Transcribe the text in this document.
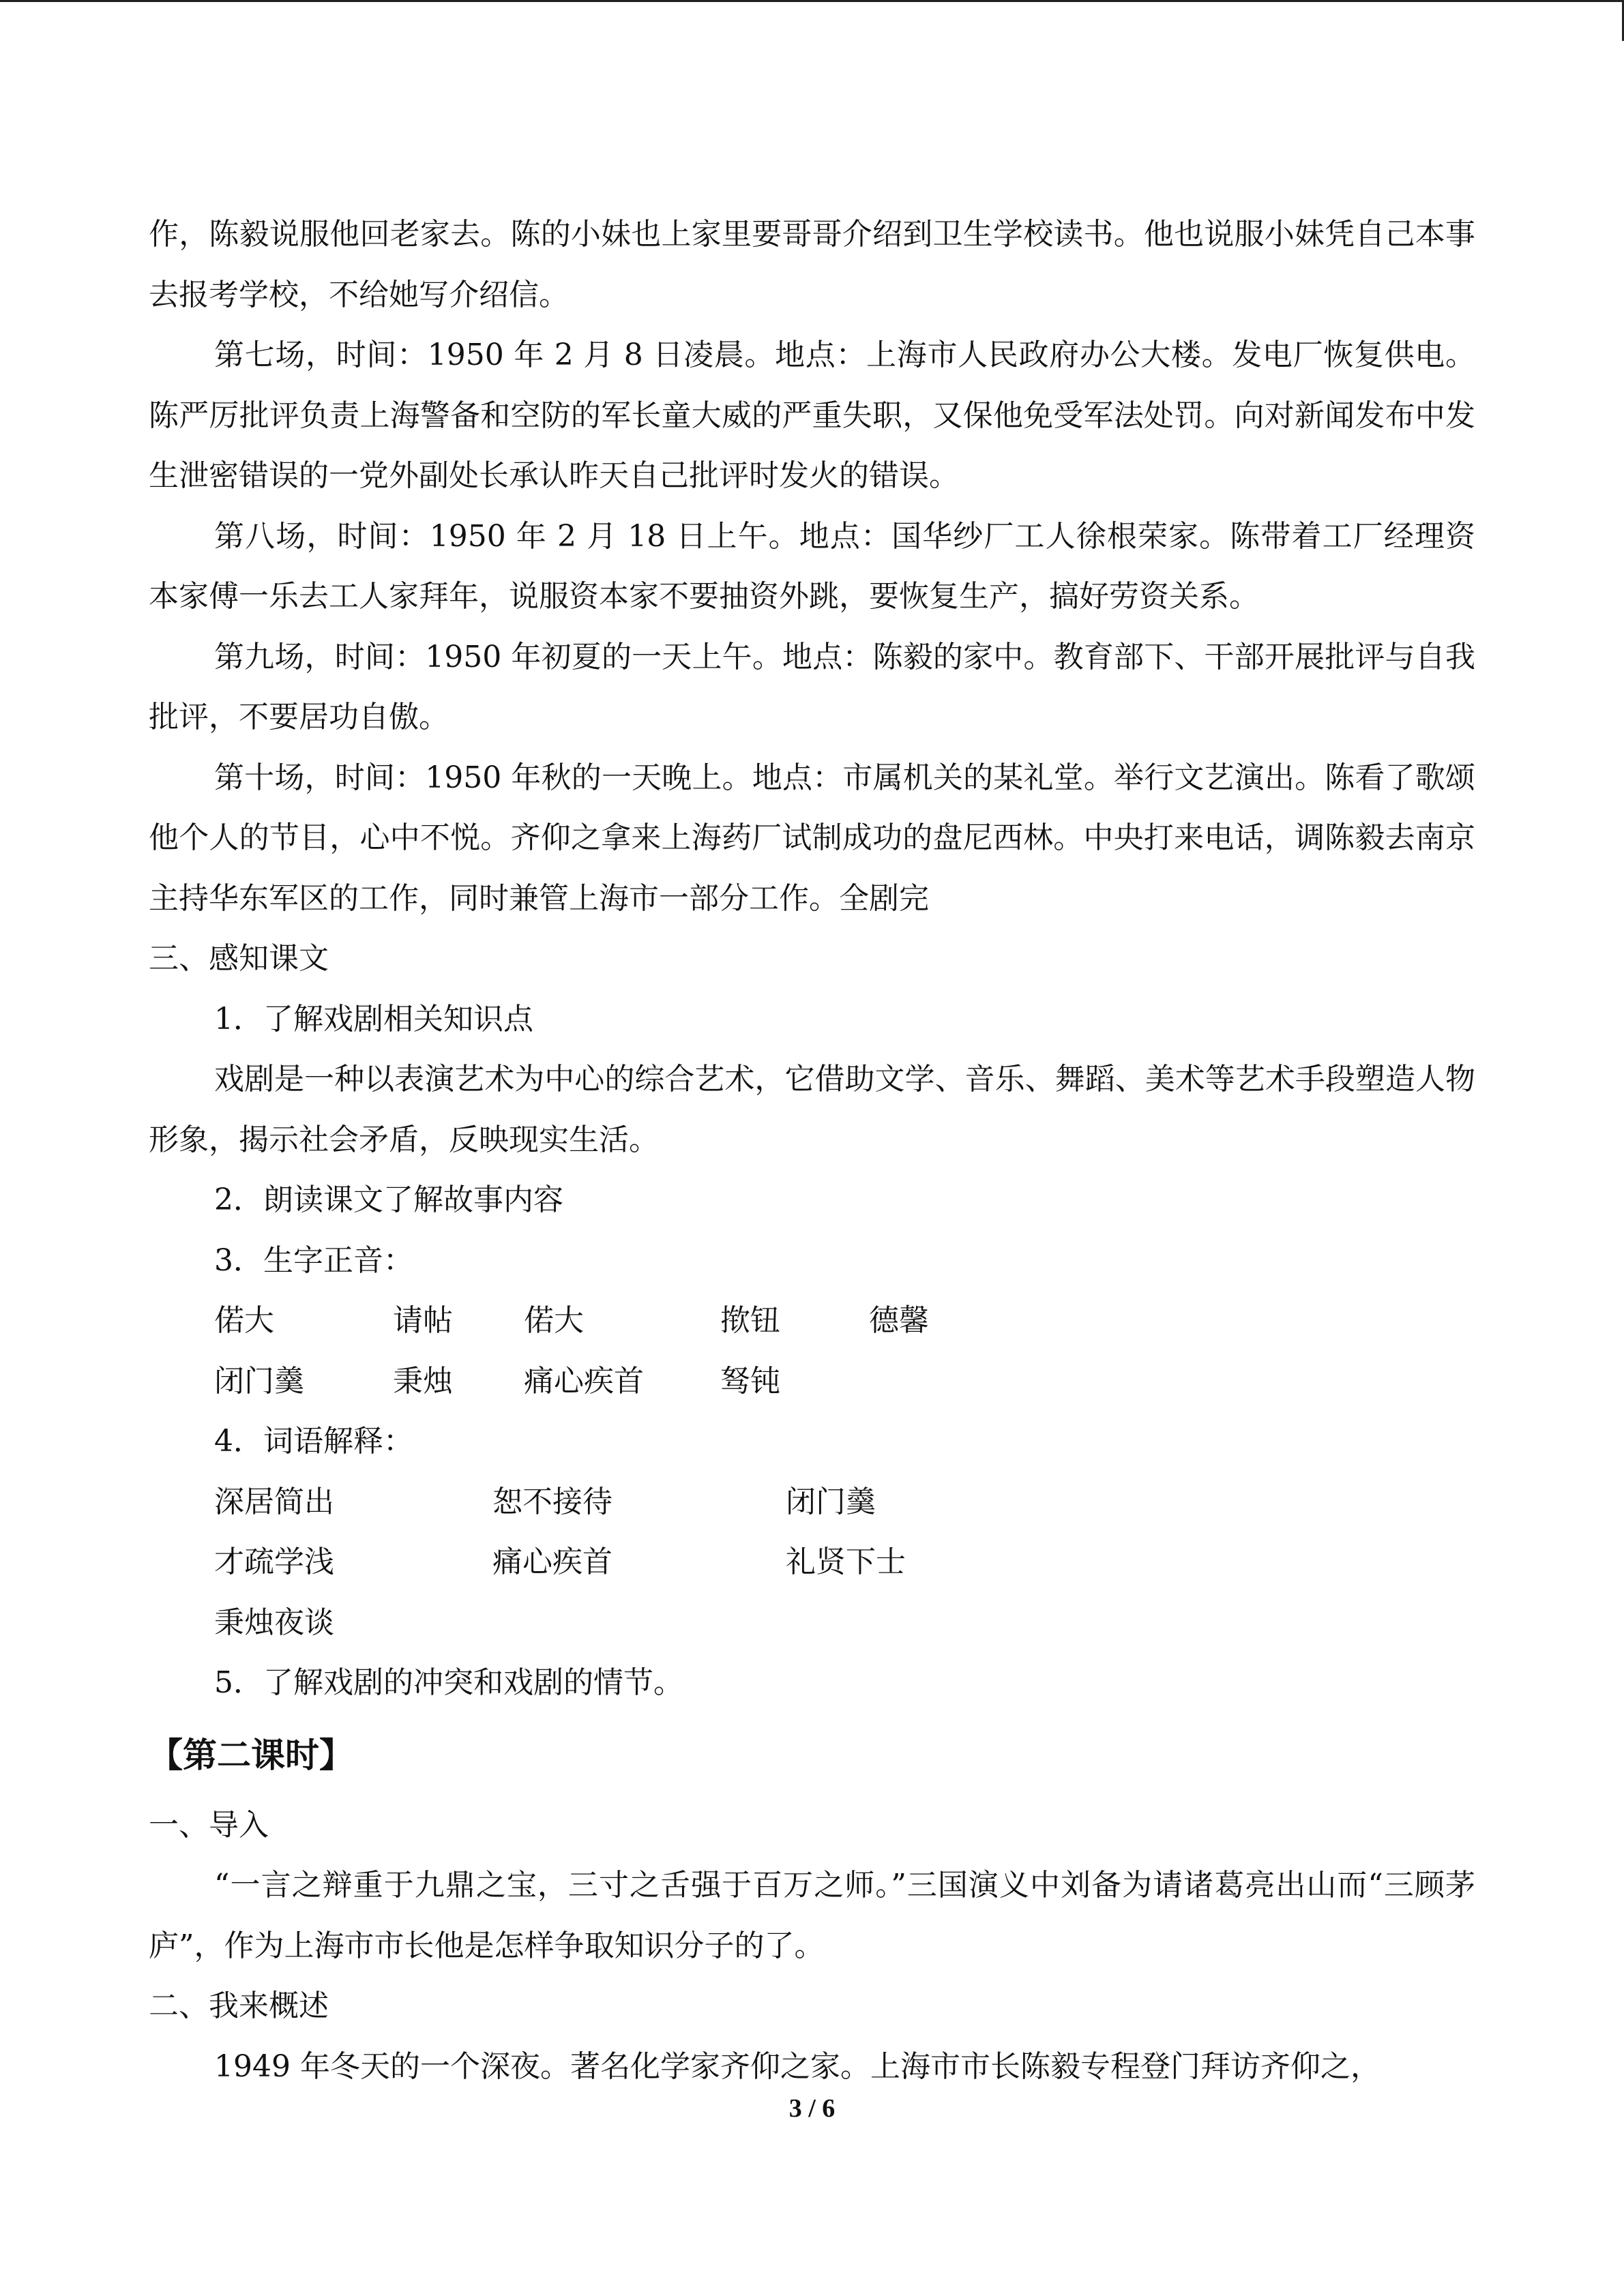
作，陈毅说服他回老家去。陈的小妹也上家里要哥哥介绍到卫生学校读书。他也说服小妹凭自己本事去报考学校，不给她写介绍信。

第七场，时间：1950 年 2 月 8 日凌晨。地点：上海市人民政府办公大楼。发电厂恢复供电。陈严厉批评负责上海警备和空防的军长童大威的严重失职，又保他免受军法处罚。向对新闻发布中发生泄密错误的一党外副处长承认昨天自己批评时发火的错误。

第八场，时间：1950 年 2 月 18 日上午。地点：国华纱厂工人徐根荣家。陈带着工厂经理资本家傅一乐去工人家拜年，说服资本家不要抽资外跳，要恢复生产，搞好劳资关系。

第九场，时间：1950 年初夏的一天上午。地点：陈毅的家中。教育部下、干部开展批评与自我批评，不要居功自傲。

第十场，时间：1950 年秋的一天晚上。地点：市属机关的某礼堂。举行文艺演出。陈看了歌颂他个人的节目，心中不悦。齐仰之拿来上海药厂试制成功的盘尼西林。中央打来电话，调陈毅去南京主持华东军区的工作，同时兼管上海市一部分工作。全剧完

三、感知课文

1．了解戏剧相关知识点

戏剧是一种以表演艺术为中心的综合艺术，它借助文学、音乐、舞蹈、美术等艺术手段塑造人物形象，揭示社会矛盾，反映现实生活。

2．朗读课文了解故事内容

3．生字正音：

偌大	请帖	偌大	揿钮	德馨
闭门羹	秉烛	痛心疾首	驽钝

4．词语解释：

深居简出	恕不接待	闭门羹
才疏学浅	痛心疾首	礼贤下士
秉烛夜谈

5．了解戏剧的冲突和戏剧的情节。

【第二课时】

一、导入

“一言之辩重于九鼎之宝，三寸之舌强于百万之师。”三国演义中刘备为请诸葛亮出山而“三顾茅庐”，作为上海市市长他是怎样争取知识分子的了。

二、我来概述

1949 年冬天的一个深夜。著名化学家齐仰之家。上海市市长陈毅专程登门拜访齐仰之，

3 / 6
